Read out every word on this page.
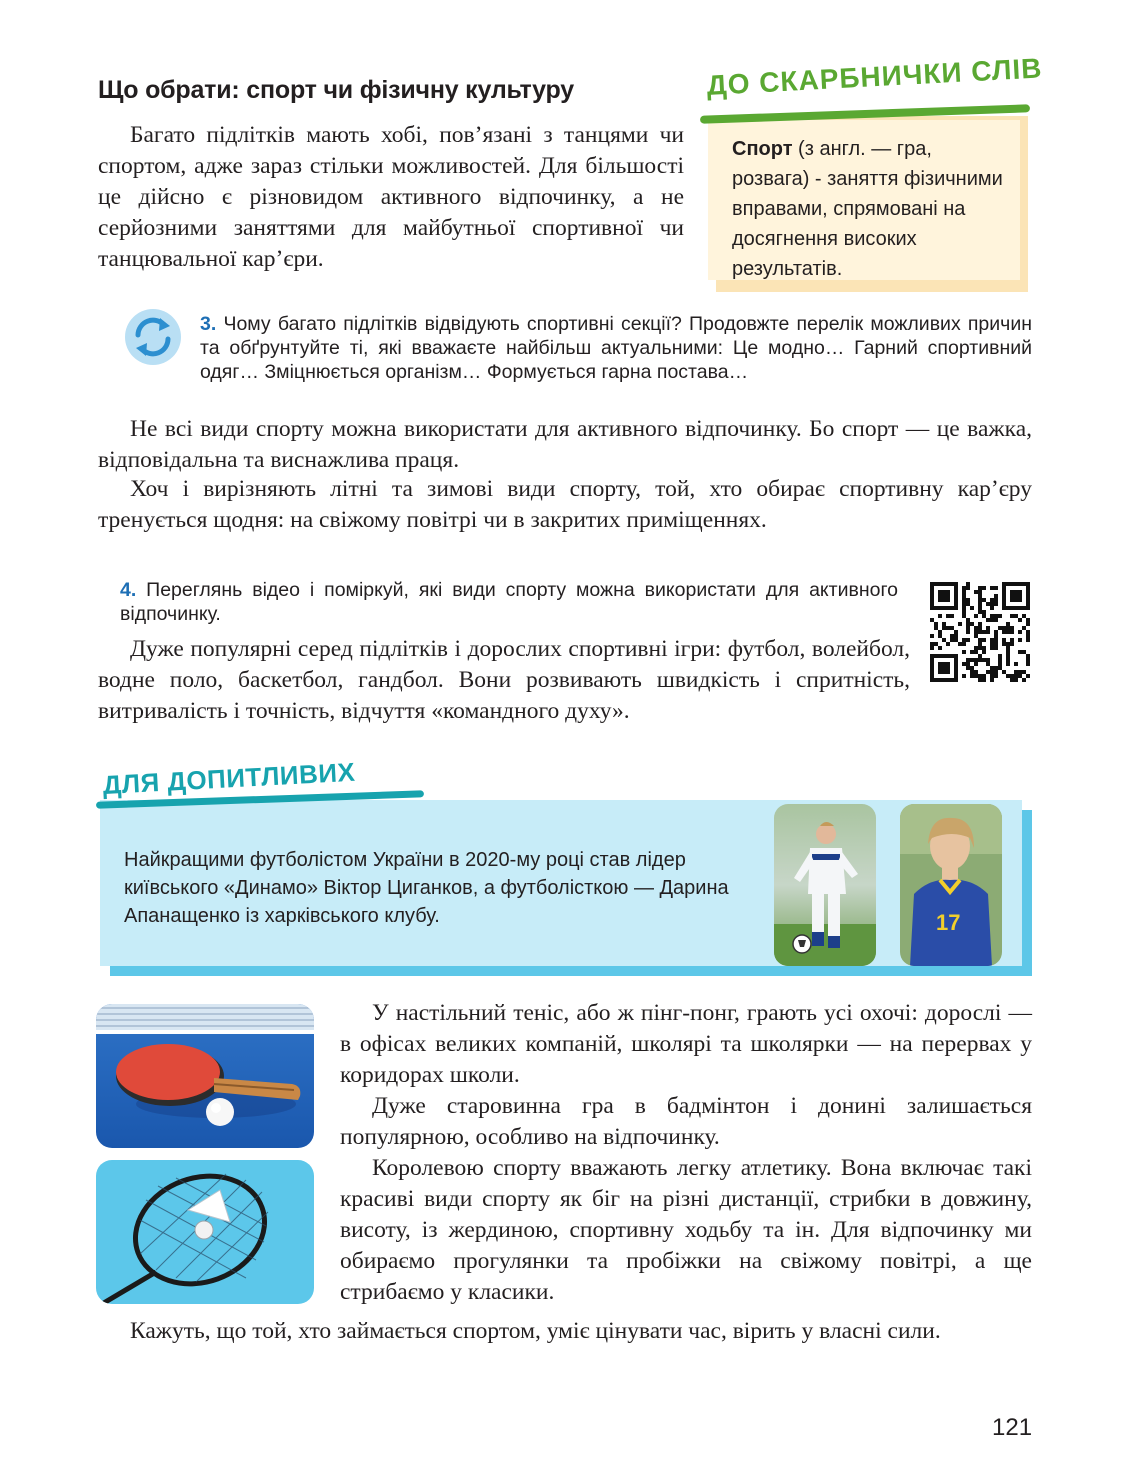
Що обрати: спорт чи фізичну культуру

Багато підлітків мають хобі, пов’язані з танцями чи спортом, адже зараз стільки можливостей. Для більшості це дійсно є різновидом активного відпочинку, а не серйозними заняттями для майбутньої спортивної чи танцювальної кар’єри.

ДО СКАРБНИЧКИ СЛІВ
Спорт (з англ. — гра, розвага) - заняття фізичними вправами, спрямовані на досягнення високих результатів.
3. Чому багато підлітків відвідують спортивні секції? Продовжте перелік можливих причин та обґрунтуйте ті, які вважаєте найбільш актуальними: Це модно… Гарний спортивний одяг… Зміцнюється організм… Формується гарна постава…

Не всі види спорту можна використати для активного відпочинку. Бо спорт — це важка, відповідальна та виснажлива праця.

Хоч і вирізняють літні та зимові види спорту, той, хто обирає спортивну кар’єру тренується щодня: на свіжому повітрі чи в закритих приміщеннях.

4. Переглянь відео і поміркуй, які види спорту можна використати для активного відпочинку.

Дуже популярні серед підлітків і дорослих спортивні ігри: футбол, волейбол, водне поло, баскетбол, гандбол. Вони розвивають швидкість і спритність, витривалість і точність, відчуття «командного духу».

ДЛЯ ДОПИТЛИВИХ
Найкращими футболістом України в 2020-му році став лідер київського «Динамо» Віктор Циганков, а футболісткою — Дарина Апанащенко із харківського клубу.	17

У настільний теніс, або ж пінг-понг, грають усі охочі: дорослі — в офісах великих компаній, школярі та школярки — на перервах у коридорах школи.

Дуже старовинна гра в бадмінтон і донині залишається популярною, особливо на відпочинку.

Королевою спорту вважають легку атлетику. Вона включає такі красиві види спорту як біг на різні дистанції, стрибки в довжину, висоту, із жердиною, спортивну ходьбу та ін. Для відпочинку ми обираємо прогулянки та пробіжки на свіжому повітрі, а ще стрибаємо у класики.

Кажуть, що той, хто займається спортом, уміє цінувати час, вірить у власні сили.

121
